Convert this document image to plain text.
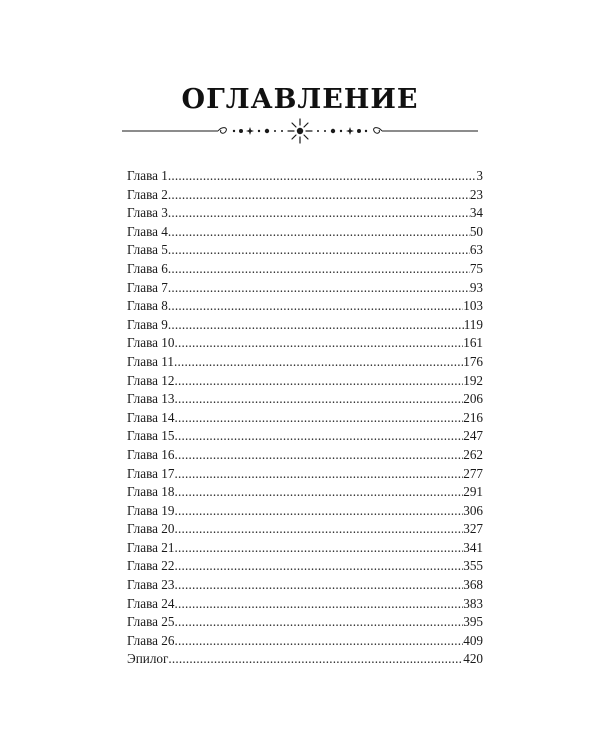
ОГЛАВЛЕНИЕ
Глава 1 .....	3
Глава 2 .....	23
Глава 3 .....	34
Глава 4 .....	50
Глава 5 .....	63
Глава 6 .....	75
Глава 7 .....	93
Глава 8 .....	103
Глава 9 .....	119
Глава 10 .....	161
Глава 11 .....	176
Глава 12 .....	192
Глава 13 .....	206
Глава 14 .....	216
Глава 15 .....	247
Глава 16 .....	262
Глава 17 .....	277
Глава 18 .....	291
Глава 19 .....	306
Глава 20 .....	327
Глава 21 .....	341
Глава 22 .....	355
Глава 23 .....	368
Глава 24 .....	383
Глава 25 .....	395
Глава 26 .....	409
Эпилог .....	420
